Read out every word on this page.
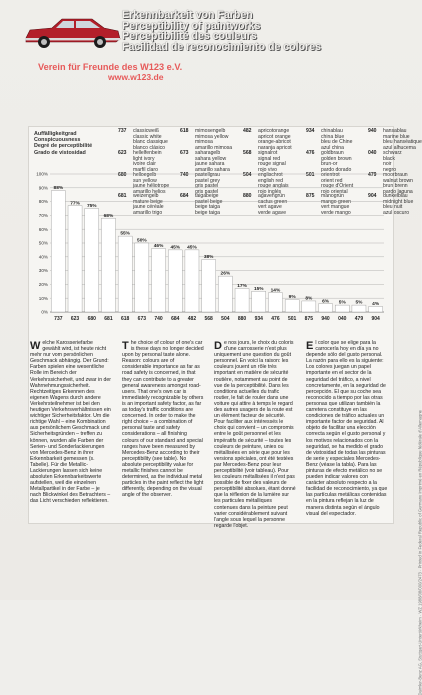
Erkennbarkeit von Farben
Perceptibility of paintworks
Perceptibilité des couleurs
Facilidad de reconocimiento de colores
Verein für Freunde des W123 e.V.
www.w123.de
Auffälligkeitgrad
Conspicuousness
Degré de perceptibilité
Grado de vistosidad
737 classicweiß
classic white
blanc classique
blanco clásico
623 hellelfenbein
light ivory
ivoire clair
marfil claro
680 helloegelb
sun yellow
jaune héliotrope
amarillo helios
681 weizengelb
mature beige
jaune céréale
amarillo trigo
618 mimosengelb
mimosa yellow
mimosa
amarillo mimosa
673 saharagelb
sahara yellow
jaune sahara
amarillo sahara
740 pastellgrau
pastel grey
gris pastel
gris pastel
684 taigabeige
pastel beige
beige taiga
beige taiga
482 apricotorange
apricot orange
orange-abricot
naranja apricot
568 signalrot
signal red
rouge signal
rojo vivo
504 englischrot
english red
rouge anglais
rojo inglés
880 agavengrün
cactus green
vert agave
verde agave
934 chinablau
china blue
bleu de Chine
azul china
476 goldbraun
golden brown
brun-or
pardo dorado
501 orientrot
orient red
rouge d'Orient
rojo oriental
875 manogrün
mango green
vert mangue
verde mango
940 hansablau
marine blue
bleu hanséatique
azul alhucema
040 schwarz
black
noir
negro
479 moorbraun
walnut brown
brun brenn
pardo laguna
904 dunkelblau
midnight blue
bleu nuit
azul oscuro
0%
10%
20%
30%
40%
50%
60%
70%
80%
90%
100%
88%
737
77%
623
75%
680
68%
681
55%
618
50%
673
46%
740
45%
684
45%
482
38%
568
26%
504
17%
880
15%
934
14%
476
9%
501
8%
875
6%
940
5%
040
5%
479
4%
904
Daimler-Benz AG, Stuttgart-Untertürkheim · WZ 1988/08/000/2473 · Printed in Federal Republic of Germany Imprimé en République fédérale d'Allemagne
Welche Karosseriefarbe gewählt wird, ist heute nicht mehr nur vom persönlichen Geschmack abhängig. Der Grund: Farben spielen eine wesentliche Rolle im Bereich der Verkehrssicherheit, und zwar in der Wahrnehmungssicherheit. Rechtzeitiges Erkennen des eigenen Wagens durch andere Verkehrsteilnehmer ist bei den heutigen Verkehrsverhältnissen ein wichtiger Sicherheitsfaktor. Um die richtige Wahl – eine Kombination aus persönlichem Geschmack und Sicherheitsgründen – treffen zu können, wurden alle Farben der Serien- und Sonderlackierungen von Mercedes-Benz in ihrer Erkennbarkeit gemessen (s. Tabelle). Für die Metallic-Lackierungen lassen sich keine absoluten Erkennbarkeitswerte aufstellen, weil die einzelnen Metallpartikel in der Farbe – je nach Blickwinkel des Betrachters – das Licht verschieden reflektieren.
The choice of colour of one's car is these days no longer decided upon by personal taste alone. Reason: colours are of considerable importance as far as road safety is concerned, in that they can contribute to a greater general awareness amongst road-users. That one's own car is immediately recognizable by others is an important safety factor, as far as today's traffic conditions are concerned. In order to make the right choice – a combination of personal taste and safety considerations – all finishing colours of our standard and special ranges have been measured by Mercedes-Benz according to their perceptibility (see table). No absolute perceptibility value for metallic finishes cannot be determined, as the individual metal particles in the paint reflect the light differently, depending on the visual angle of the observer.
De nos jours, le choix du coloris d'une carrosserie n'est plus uniquement une question du goût personnel. En voici la raison: les couleurs jouent un rôle très important en matière de sécurité routière, notamment au point de vue de la perceptibilité. Dans les conditions actuelles du trafic routier, le fait de rouler dans une voiture qui attire à temps le regard des autres usagers de la route est un élément facteur de sécurité. Pour faciliter aux intéressés le choix qui convient – un compromis entre le goût personnel et les impératifs de sécurité – toutes les couleurs de peinture, unies ou métallisées en série que pour les versions spéciales, ont été testées par Mercedes-Benz pour leur perceptibilité (voir tableau). Pour les couleurs métallisées il n'est pas possible de fixer des valeurs de perceptibilité absolues, étant donné que la réflexion de la lumière sur les particules métalliques contenues dans la peinture peut varier considérablement suivant l'angle sous lequel la personne regarde l'objet.
El color que se elige para la carrocería hoy en día ya no depende sólo del gusto personal. La razón para ello es la siguiente: Los colores juegan un papel importante en el sector de la seguridad del tráfico, a nivel concretamente, en la seguridad de percepción. El que su coche sea reconocido a tiempo por las otras personas que utilizan también la carretera constituye en las condiciones de tráfico actuales un importante factor de seguridad. Al objeto de facilitar una elección correcta según el gusto personal y los motivos relacionados con la seguridad, se ha medido el grado de vistosidad de todas las pinturas de serie y especiales Mercedes-Benz (véase la tabla). Para las pinturas de efecto metálico no se pueden indicar valores con carácter absoluto respecto a la facilidad de reconocimiento, ya que las partículas metálicas contenidas en la pintura reflejan la luz de manera distinta según el ángulo visual del espectador.
